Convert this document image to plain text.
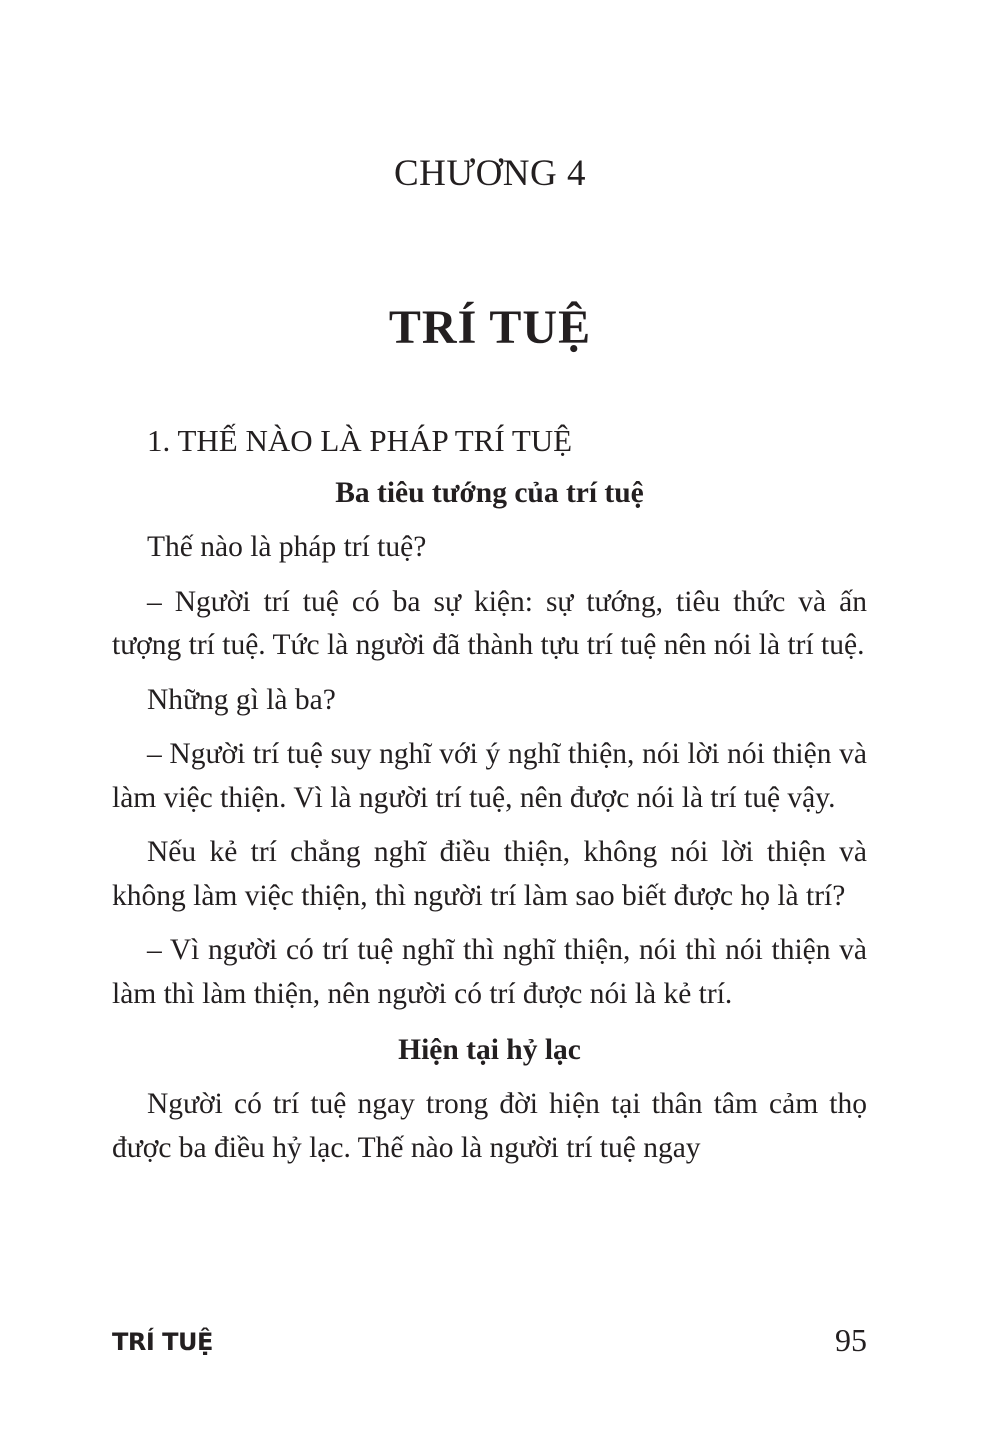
CHƯƠNG 4
TRÍ TUỆ
1. THẾ NÀO LÀ PHÁP TRÍ TUỆ
Ba tiêu tướng của trí tuệ

Thế nào là pháp trí tuệ?

– Người trí tuệ có ba sự kiện: sự tướng, tiêu thức và ấn tượng trí tuệ. Tức là người đã thành tựu trí tuệ nên nói là trí tuệ.

Những gì là ba?

– Người trí tuệ suy nghĩ với ý nghĩ thiện, nói lời nói thiện và làm việc thiện. Vì là người trí tuệ, nên được nói là trí tuệ vậy.

Nếu kẻ trí chẳng nghĩ điều thiện, không nói lời thiện và không làm việc thiện, thì người trí làm sao biết được họ là trí?

– Vì người có trí tuệ nghĩ thì nghĩ thiện, nói thì nói thiện và làm thì làm thiện, nên người có trí được nói là kẻ trí.

Hiện tại hỷ lạc

Người có trí tuệ ngay trong đời hiện tại thân tâm cảm thọ được ba điều hỷ lạc. Thế nào là người trí tuệ ngay

TRÍ TUỆ	95
